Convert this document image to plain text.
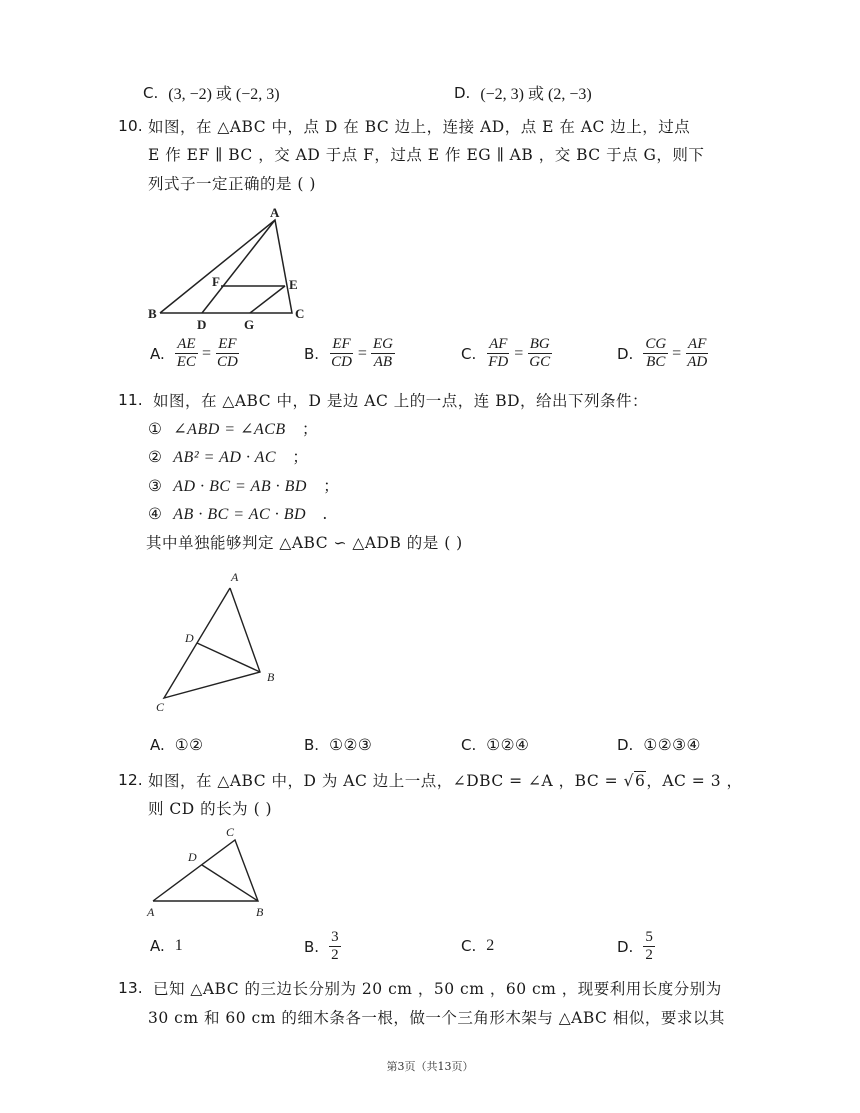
C. (3, −2) 或 (−2, 3)	D. (−2, 3) 或 (2, −3)
10. 如图，在 △ABC 中，点 D 在 BC 边上，连接 AD，点 E 在 AC 边上，过点
E 作 EF ∥ BC ，交 AD 于点 F，过点 E 作 EG ∥ AB ，交 BC 于点 G，则下
列式子一定正确的是 ( )
A
B	C
D
E
F
G
A. $\frac{AE}{EC} = \frac{EF}{CD}$	B. $\frac{EF}{CD} = \frac{EG}{AB}$	C. $\frac{AF}{FD} = \frac{BG}{GC}$	D. $\frac{CG}{BC} = \frac{AF}{AD}$
11. 如图，在 △ABC 中，D 是边 AC 上的一点，连 BD，给出下列条件：
① ∠ABD = ∠ACB ；
② AB² = AD · AC ；
③ AD · BC = AB · BD ；
④ AB · BC = AC · BD .
其中单独能够判定 △ABC ∽ △ADB 的是 ( )
A
B
C
D
A. ①②	B. ①②③	C. ①②④	D. ①②③④
12. 如图，在 △ABC 中，D 为 AC 边上一点，∠DBC = ∠A ，BC = √6，AC = 3 ，
则 CD 的长为 ( )
A	B
C
D
A. 1	B. $\frac{3}{2}$	C. 2	D. $\frac{5}{2}$
13. 已知 △ABC 的三边长分别为 20 cm ，50 cm ，60 cm ，现要利用长度分别为
30 cm 和 60 cm 的细木条各一根，做一个三角形木架与 △ABC 相似，要求以其
第3页（共13页）
